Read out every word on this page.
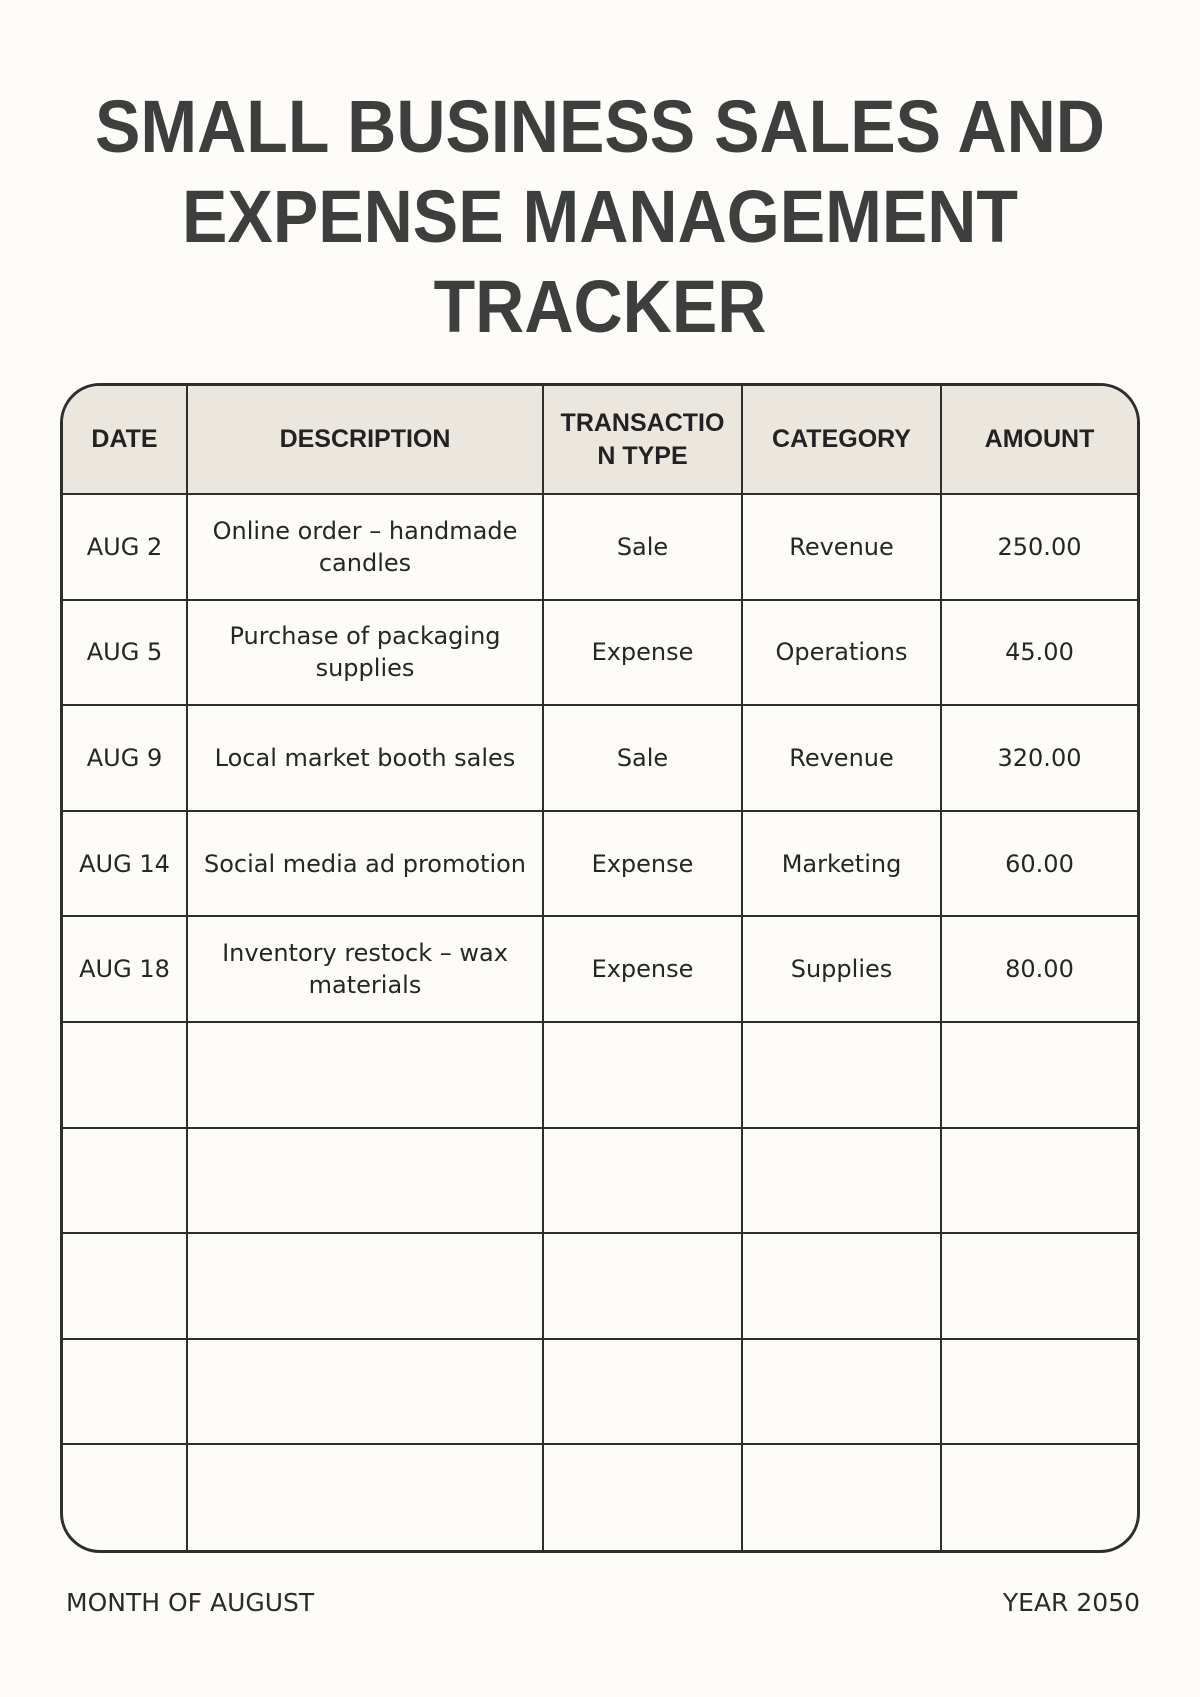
SMALL BUSINESS SALES AND
EXPENSE MANAGEMENT
TRACKER
DATE	DESCRIPTION	TRANSACTION TYPE	CATEGORY	AMOUNT
AUG 2	Online order – handmade candles	Sale	Revenue	250.00
AUG 5	Purchase of packaging supplies	Expense	Operations	45.00
AUG 9	Local market booth sales	Sale	Revenue	320.00
AUG 14	Social media ad promotion	Expense	Marketing	60.00
AUG 18	Inventory restock – wax materials	Expense	Supplies	80.00

MONTH OF AUGUST	YEAR 2050
